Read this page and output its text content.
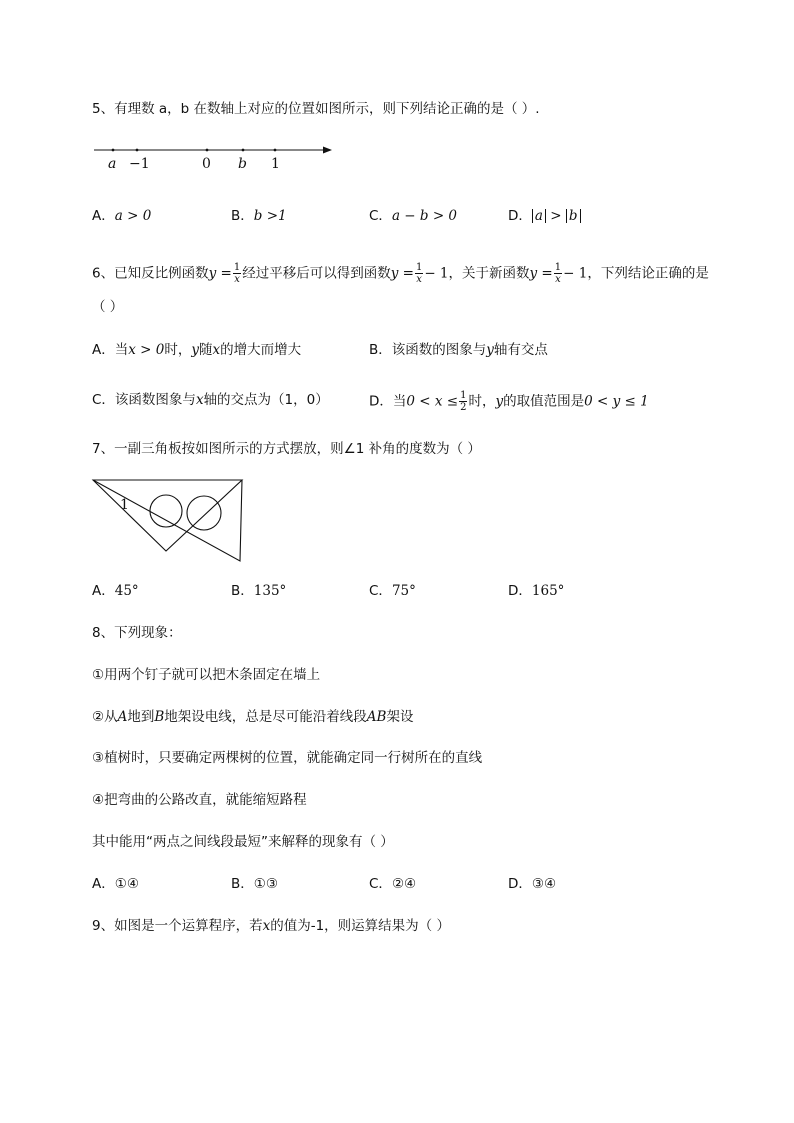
5、有理数 a，b 在数轴上对应的位置如图所示，则下列结论正确的是（ ）.
a −1	0 b 1
A．a > 0	B．b >1	C．a − b > 0	D． a > b
6、已知反比例函数$y = \frac{1}{x}$ 经过平移后可以得到函数$y = \frac{1}{x} - 1$，关于新函数$y = \frac{1}{x} - 1$，下列结论正确的是
（ ）
A．当x > 0时，y随x的增大而增大	B．该函数的图象与y轴有交点
C．该函数图象与x轴的交点为（1，0）	D．当$0 < x \le \frac{1}{2}$ 时，y的取值范围是0 < y ≤ 1
7、一副三角板按如图所示的方式摆放，则∠1 补角的度数为（ ）
1
A．45°	B．135°	C．75°	D．165°
8、下列现象：
①用两个钉子就可以把木条固定在墙上
②从A地到B地架设电线，总是尽可能沿着线段AB架设
③植树时，只要确定两棵树的位置，就能确定同一行树所在的直线
④把弯曲的公路改直，就能缩短路程
其中能用“两点之间线段最短”来解释的现象有（ ）
A．①④	B．①③	C．②④	D．③④
9、如图是一个运算程序，若x的值为-1，则运算结果为（ ）
